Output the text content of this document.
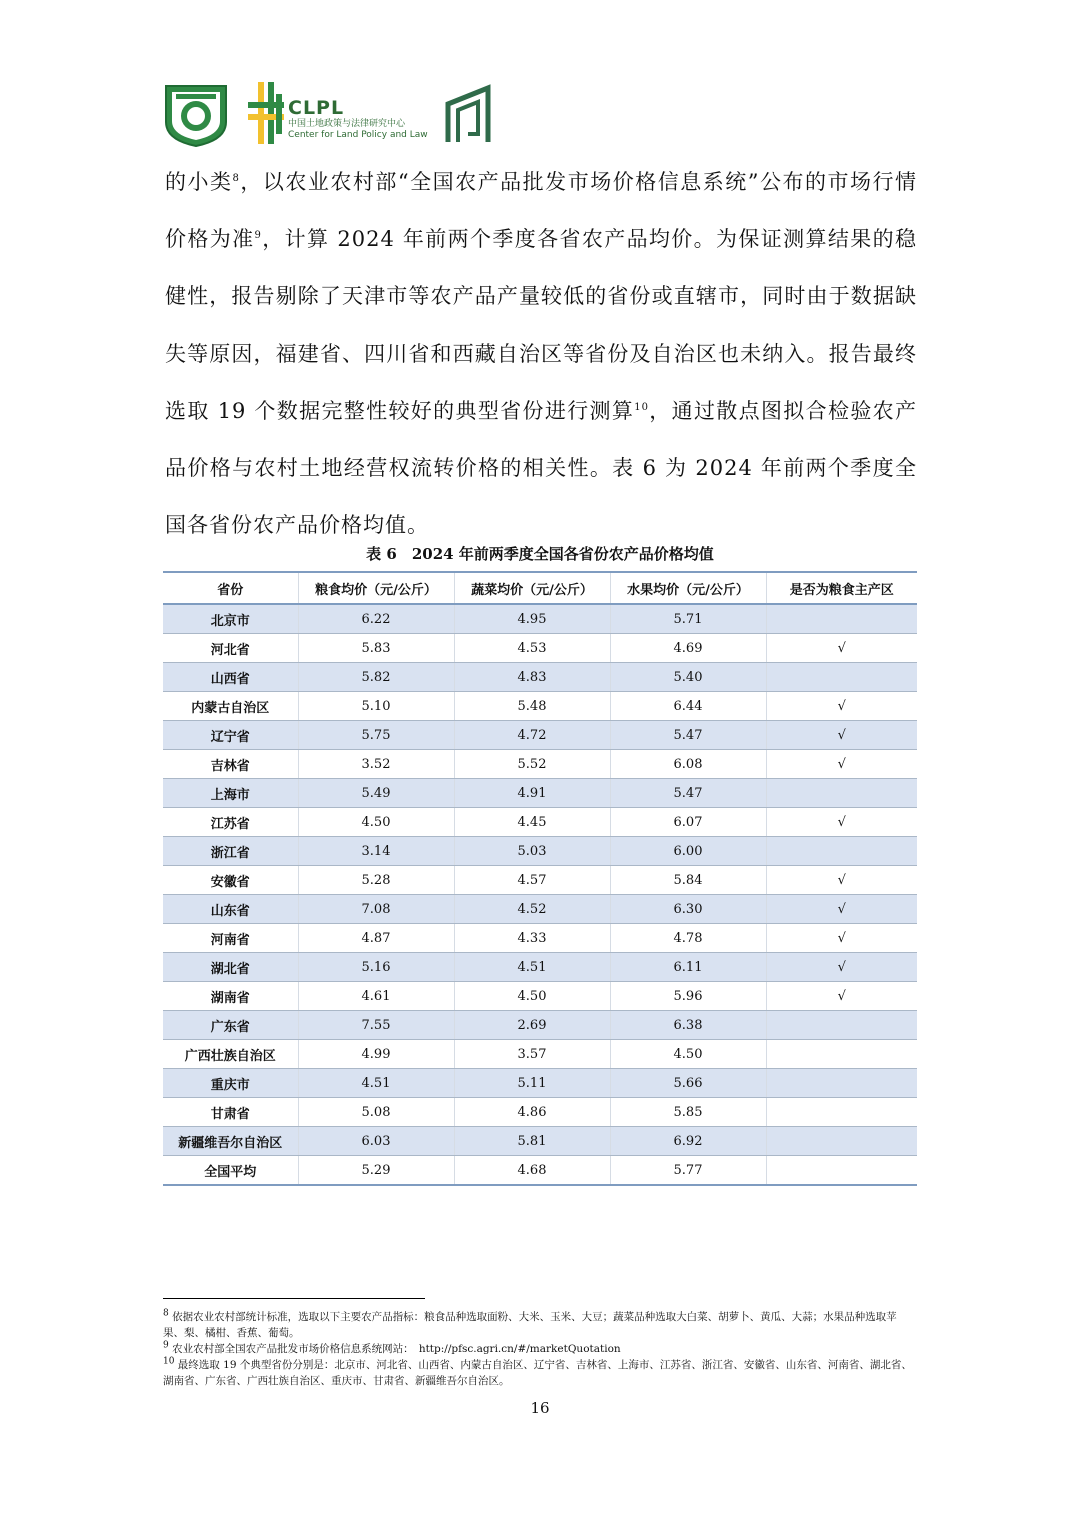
CLPL
中国土地政策与法律研究中心
Center for Land Policy and Law

的小类$^8$，以农业农村部“全国农产品批发市场价格信息系统”公布的市场行情价格为准$^9$，计算 2024 年前两个季度各省农产品均价。为保证测算结果的稳健性，报告剔除了天津市等农产品产量较低的省份或直辖市，同时由于数据缺失等原因，福建省、四川省和西藏自治区等省份及自治区也未纳入。报告最终选取 19 个数据完整性较好的典型省份进行测算$^{10}$，通过散点图拟合检验农产品价格与农村土地经营权流转价格的相关性。表 6 为 2024 年前两个季度全国各省份农产品价格均值。

表 6　2024 年前两季度全国各省份农产品价格均值
省份	粮食均价（元/公斤）	蔬菜均价（元/公斤）	水果均价（元/公斤）	是否为粮食主产区
北京市	6.22	4.95	5.71	
河北省	5.83	4.53	4.69	√
山西省	5.82	4.83	5.40	
内蒙古自治区	5.10	5.48	6.44	√
辽宁省	5.75	4.72	5.47	√
吉林省	3.52	5.52	6.08	√
上海市	5.49	4.91	5.47	
江苏省	4.50	4.45	6.07	√
浙江省	3.14	5.03	6.00	
安徽省	5.28	4.57	5.84	√
山东省	7.08	4.52	6.30	√
河南省	4.87	4.33	4.78	√
湖北省	5.16	4.51	6.11	√
湖南省	4.61	4.50	5.96	√
广东省	7.55	2.69	6.38	
广西壮族自治区	4.99	3.57	4.50	
重庆市	4.51	5.11	5.66	
甘肃省	5.08	4.86	5.85	
新疆维吾尔自治区	6.03	5.81	6.92	
全国平均	5.29	4.68	5.77	

8 依据农业农村部统计标准，选取以下主要农产品指标：粮食品种选取面粉、大米、玉米、大豆；蔬菜品种选取大白菜、胡萝卜、黄瓜、大蒜；水果品种选取苹果、梨、橘柑、香蕉、葡萄。

9 农业农村部全国农产品批发市场价格信息系统网站：　http://pfsc.agri.cn/#/marketQuotation

10 最终选取 19 个典型省份分别是：北京市、河北省、山西省、内蒙古自治区、辽宁省、吉林省、上海市、江苏省、浙江省、安徽省、山东省、河南省、湖北省、湖南省、广东省、广西壮族自治区、重庆市、甘肃省、新疆维吾尔自治区。

16
